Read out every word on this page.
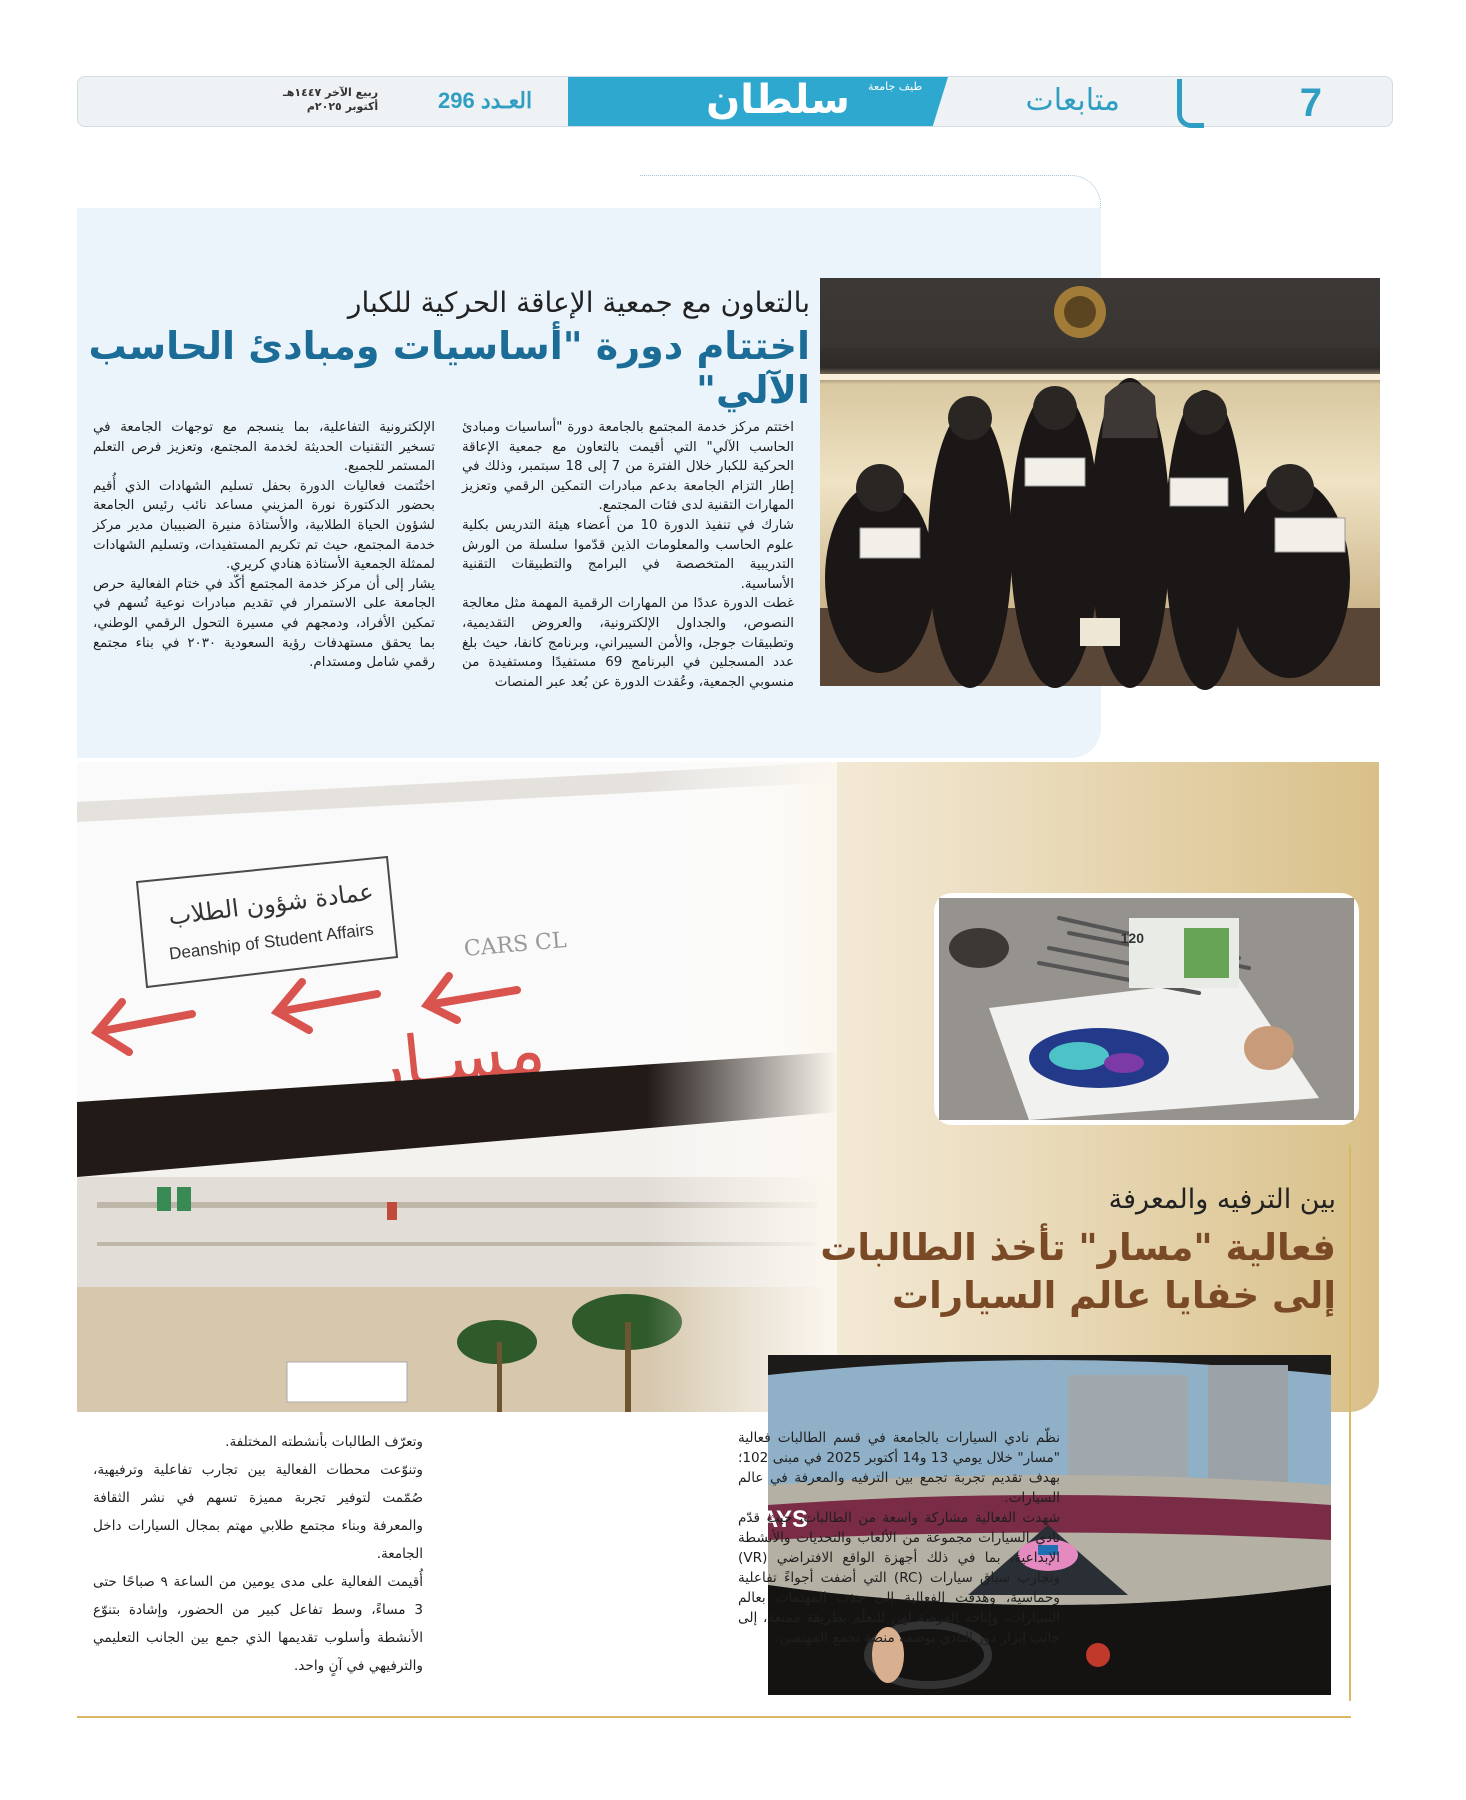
7
متابعات
سلطان	طيف جامعة
العـدد 296
ربيع الآخر ١٤٤٧هـ
أكتوبر ٢٠٢٥م
بالتعاون مع جمعية الإعاقة الحركية للكبار
اختتام دورة "أساسيات ومبادئ الحاسب الآلي"

اختتم مركز خدمة المجتمع بالجامعة دورة "أساسيات ومبادئ الحاسب الآلي" التي أقيمت بالتعاون مع جمعية الإعاقة الحركية للكبار خلال الفترة من 7 إلى 18 سبتمبر، وذلك في إطار التزام الجامعة بدعم مبادرات التمكين الرقمي وتعزيز المهارات التقنية لدى فئات المجتمع.

شارك في تنفيذ الدورة 10 من أعضاء هيئة التدريس بكلية علوم الحاسب والمعلومات الذين قدّموا سلسلة من الورش التدريبية المتخصصة في البرامج والتطبيقات التقنية الأساسية.

غطت الدورة عددًا من المهارات الرقمية المهمة مثل معالجة النصوص، والجداول الإلكترونية، والعروض التقديمية، وتطبيقات جوجل، والأمن السيبراني، وبرنامج كانفا، حيث بلغ عدد المسجلين في البرنامج 69 مستفيدًا ومستفيدة من منسوبي الجمعية، وعُقدت الدورة عن بُعد عبر المنصات

الإلكترونية التفاعلية، بما ينسجم مع توجهات الجامعة في تسخير التقنيات الحديثة لخدمة المجتمع، وتعزيز فرص التعلم المستمر للجميع.

اختُتمت فعاليات الدورة بحفل تسليم الشهادات الذي أُقيم بحضور الدكتورة نورة المزيني مساعد نائب رئيس الجامعة لشؤون الحياة الطلابية، والأستاذة منيرة الضبيبان مدير مركز خدمة المجتمع، حيث تم تكريم المستفيدات، وتسليم الشهادات لممثلة الجمعية الأستاذة هنادي كريري.

يشار إلى أن مركز خدمة المجتمع أكّد في ختام الفعالية حرص الجامعة على الاستمرار في تقديم مبادرات نوعية تُسهم في تمكين الأفراد، ودمجهم في مسيرة التحول الرقمي الوطني، بما يحقق مستهدفات رؤية السعودية ٢٠٣٠ في بناء مجتمع رقمي شامل ومستدام.

120
بين الترفيه والمعرفة
فعالية "مسار" تأخذ الطالبات
إلى خفايا عالم السيارات
QATAR AIRWAYS

نظّم نادي السيارات بالجامعة في قسم الطالبات فعالية "مسار" خلال يومي 13 و14 أكتوبر 2025 في مبنى 102؛ بهدف تقديم تجربة تجمع بين الترفيه والمعرفة في عالم السيارات.

شهدت الفعالية مشاركة واسعة من الطالبات، حيث قدّم نادي السيارات مجموعة من الألعاب والتحديات والأنشطة الإبداعية، بما في ذلك أجهزة الواقع الافتراضي (VR) وتجارب سباق سيارات (RC) التي أضفت أجواءً تفاعلية وحماسية، وهدفت الفعالية إلى جذب المهتمات بعالم السيارات، وإتاحة الفرصة لهن للتعلّم بطريقة ممتعة، إلى جانب إبراز دور النادي بوصفه منصة تجمع المهتمين،

وتعرّف الطالبات بأنشطته المختلفة.

وتنوّعت محطات الفعالية بين تجارب تفاعلية وترفيهية، صُمّمت لتوفير تجربة مميزة تسهم في نشر الثقافة والمعرفة وبناء مجتمع طلابي مهتم بمجال السيارات داخل الجامعة.

أُقيمت الفعالية على مدى يومين من الساعة ٩ صباحًا حتى 3 مساءً، وسط تفاعل كبير من الحضور، وإشادة بتنوّع الأنشطة وأسلوب تقديمها الذي جمع بين الجانب التعليمي والترفيهي في آنٍ واحد.
